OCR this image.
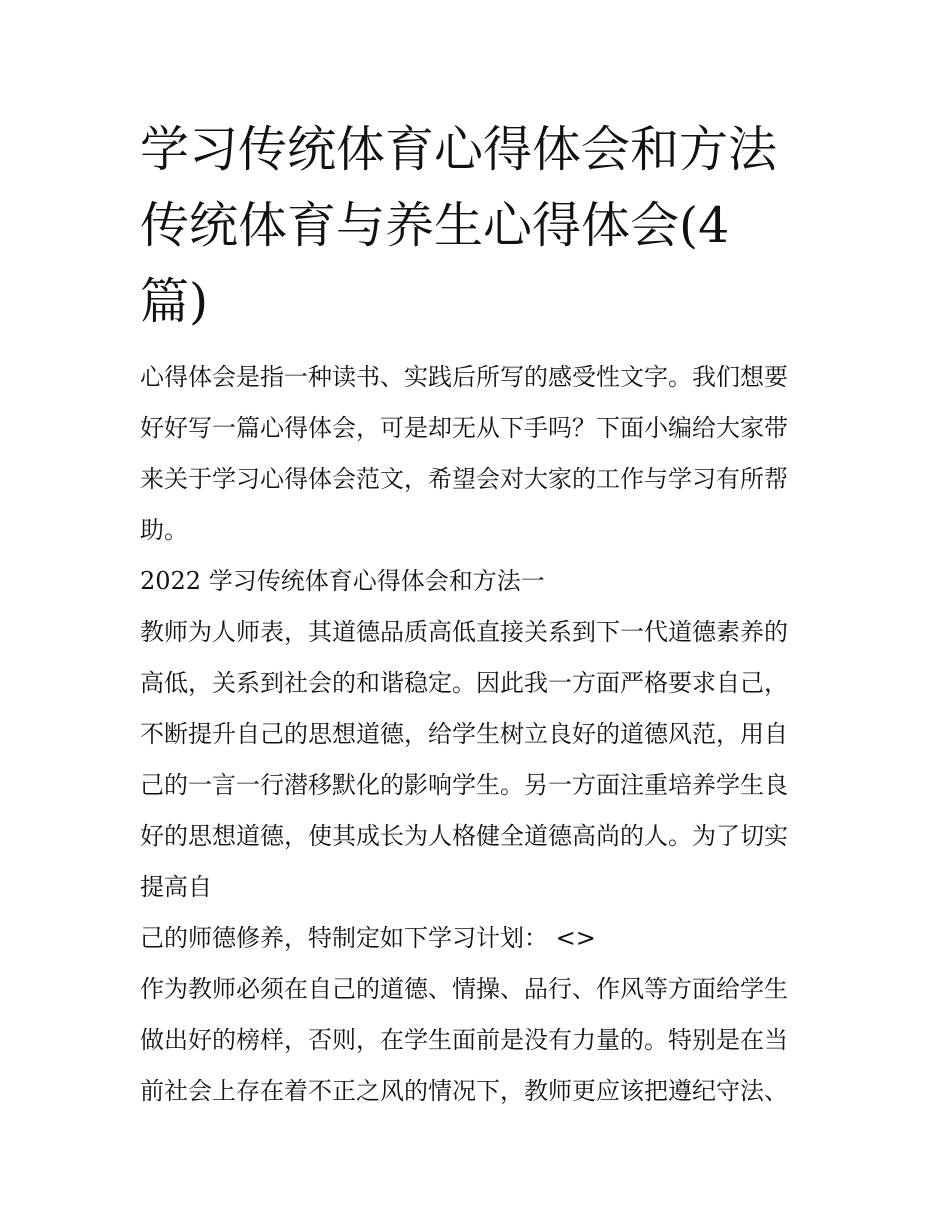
学习传统体育心得体会和方法
传统体育与养生心得体会(4
篇)
心得体会是指一种读书、实践后所写的感受性文字。我们想要
好好写一篇心得体会，可是却无从下手吗？下面小编给大家带
来关于学习心得体会范文，希望会对大家的工作与学习有所帮
助。
2022 学习传统体育心得体会和方法一
教师为人师表，其道德品质高低直接关系到下一代道德素养的
高低，关系到社会的和谐稳定。因此我一方面严格要求自己，
不断提升自己的思想道德，给学生树立良好的道德风范，用自
己的一言一行潜移默化的影响学生。另一方面注重培养学生良
好的思想道德，使其成长为人格健全道德高尚的人。为了切实
提高自
己的师德修养，特制定如下学习计划： <>
作为教师必须在自己的道德、情操、品行、作风等方面给学生
做出好的榜样，否则，在学生面前是没有力量的。特别是在当
前社会上存在着不正之风的情况下，教师更应该把遵纪守法、
